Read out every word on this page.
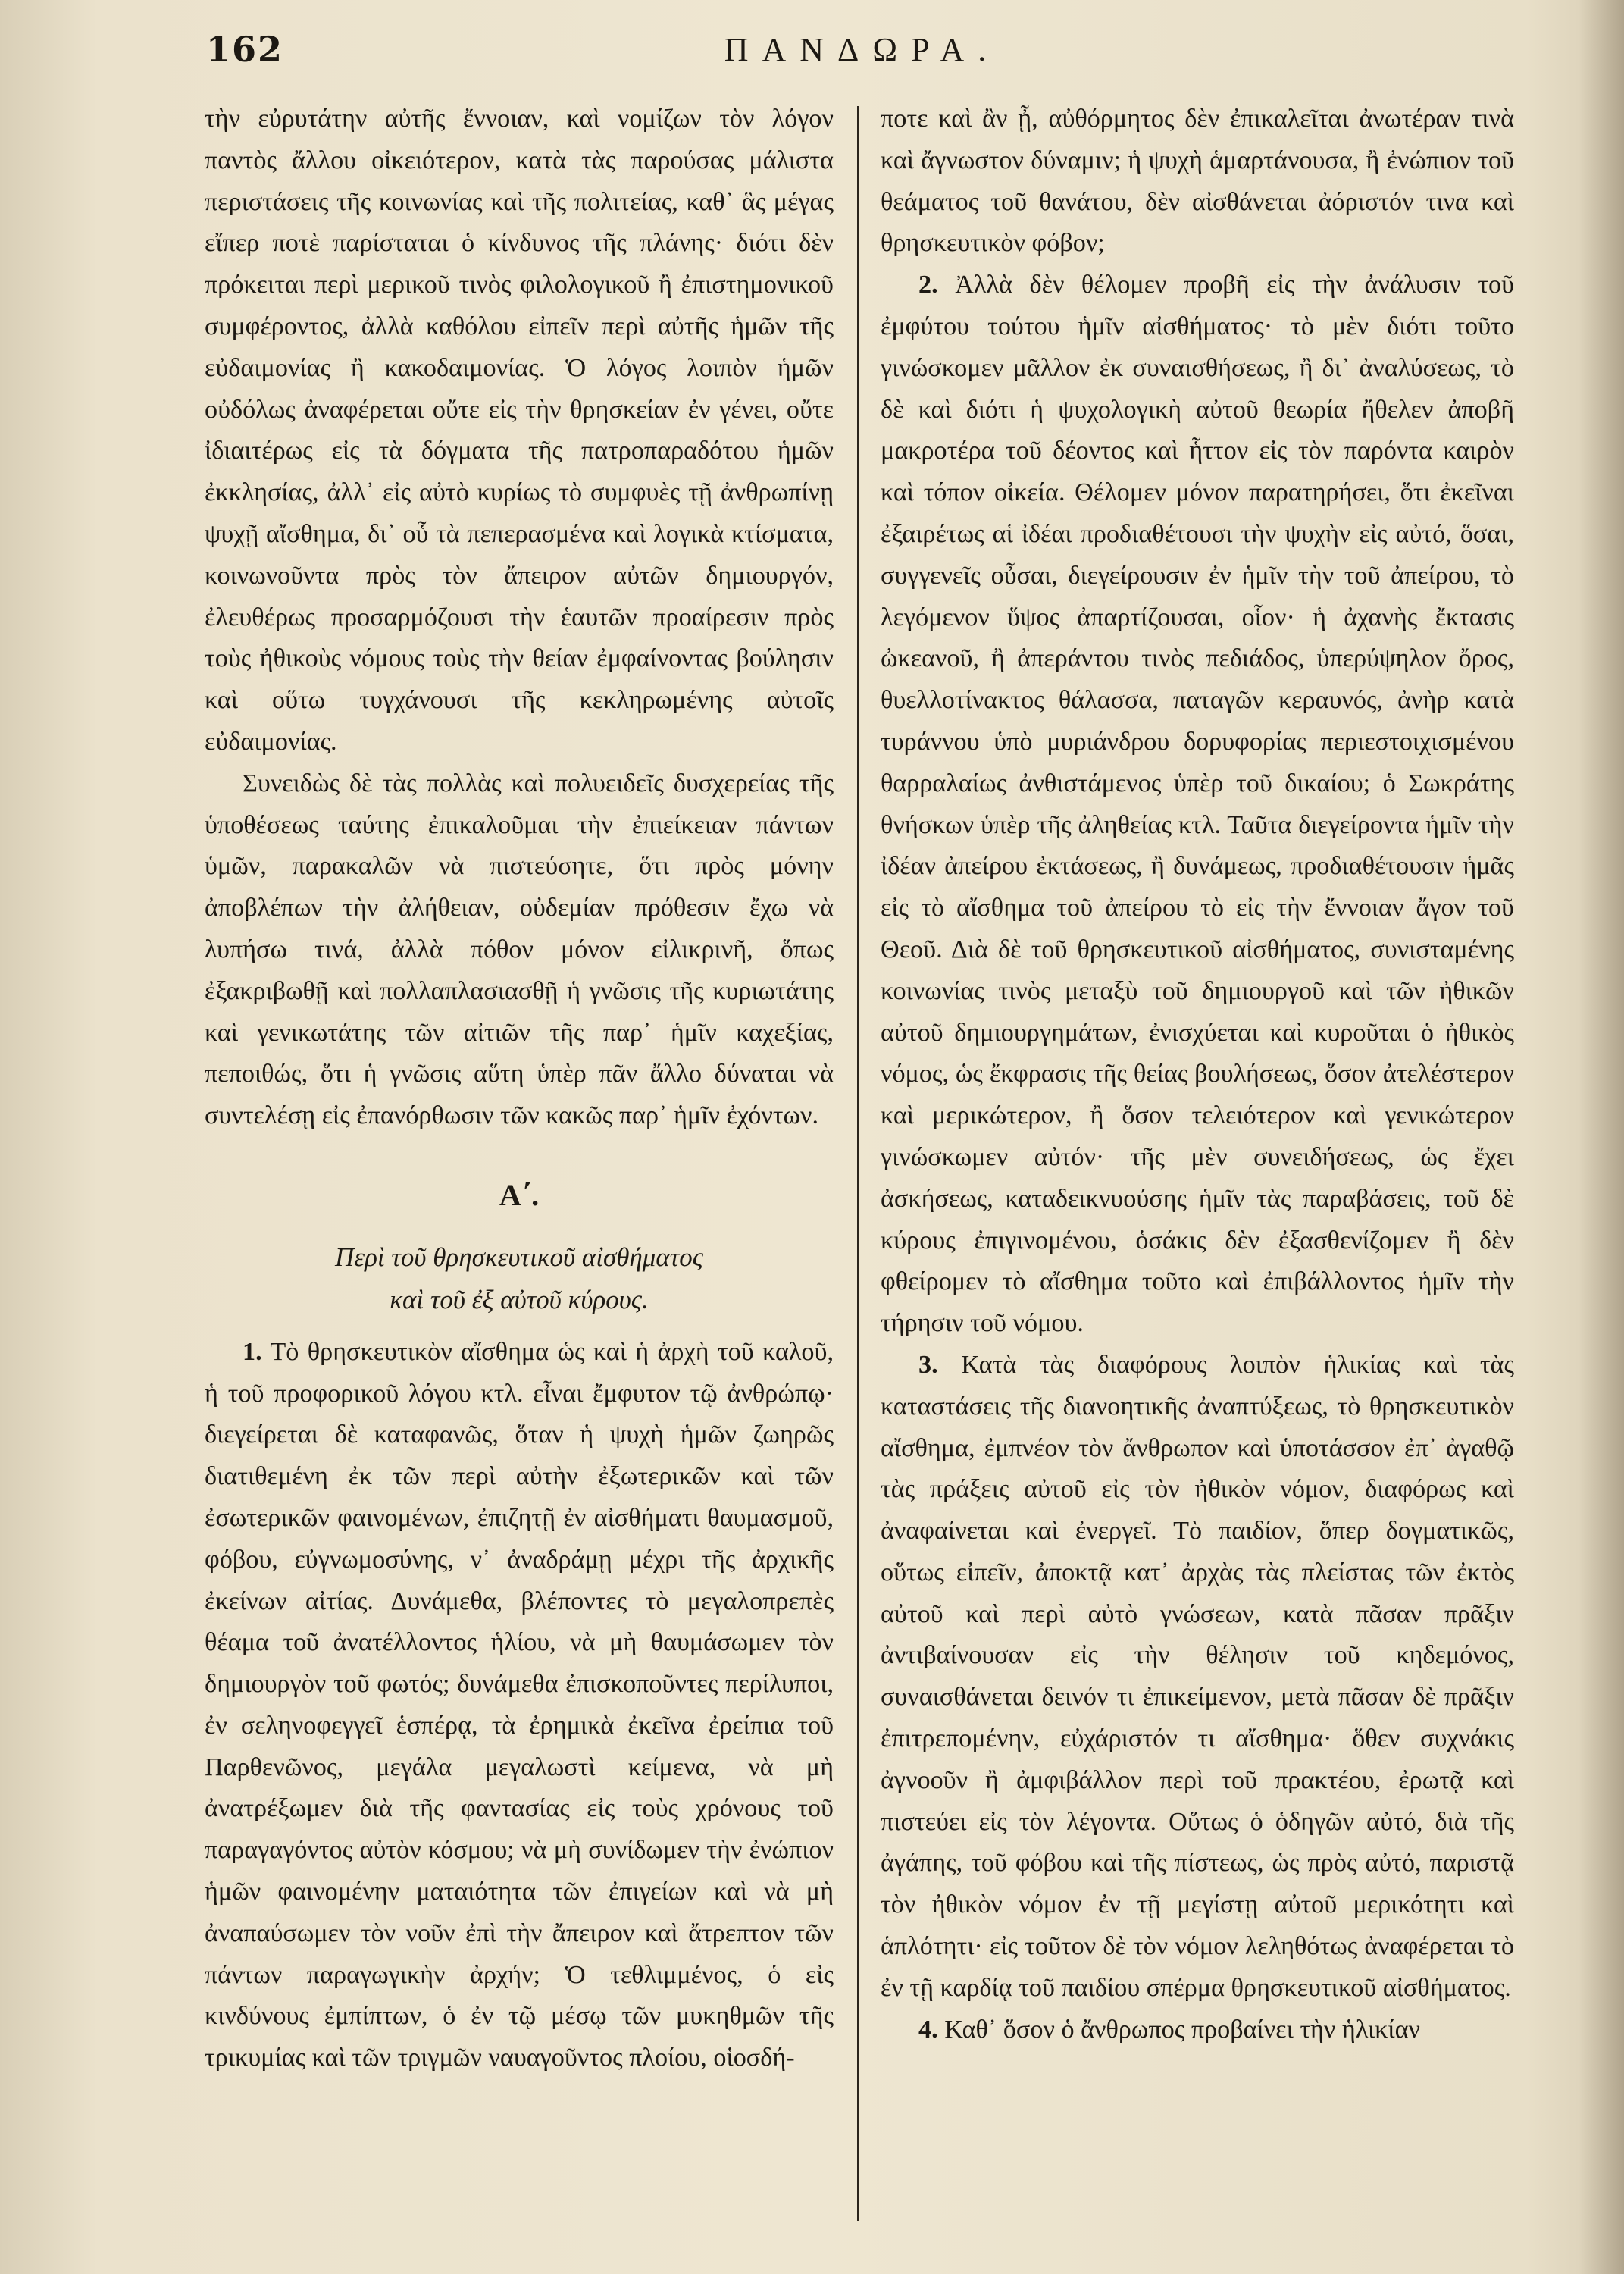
162	ΠΑΝΔΩΡΑ.

τὴν εὐρυτάτην αὐτῆς ἔννοιαν, καὶ νομίζων τὸν λόγον παντὸς ἄλλου οἰκειότερον, κατὰ τὰς παρούσας μάλιστα περιστάσεις τῆς κοινωνίας καὶ τῆς πολιτείας, καθ᾽ ἃς μέγας εἴπερ ποτὲ παρίσταται ὁ κίνδυνος τῆς πλάνης· διότι δὲν πρόκειται περὶ μερικοῦ τινὸς φιλολογικοῦ ἢ ἐπιστημονικοῦ συμφέροντος, ἀλλὰ καθόλου εἰπεῖν περὶ αὐτῆς ἡμῶν τῆς εὐδαιμονίας ἢ κακοδαιμονίας. Ὁ λόγος λοιπὸν ἡμῶν οὐδόλως ἀναφέρεται οὔτε εἰς τὴν θρησκείαν ἐν γένει, οὔτε ἰδιαιτέρως εἰς τὰ δόγματα τῆς πατροπαραδότου ἡμῶν ἐκκλησίας, ἀλλ᾽ εἰς αὐτὸ κυρίως τὸ συμφυὲς τῇ ἀνθρωπίνῃ ψυχῇ αἴσθημα, δι᾽ οὗ τὰ πεπερασμένα καὶ λογικὰ κτίσματα, κοινωνοῦντα πρὸς τὸν ἄπειρον αὐτῶν δημιουργόν, ἐλευθέρως προσαρμόζουσι τὴν ἑαυτῶν προαίρεσιν πρὸς τοὺς ἠθικοὺς νόμους τοὺς τὴν θείαν ἐμφαίνοντας βούλησιν καὶ οὕτω τυγχάνουσι τῆς κεκληρωμένης αὐτοῖς εὐδαιμονίας.

Συνειδὼς δὲ τὰς πολλὰς καὶ πολυειδεῖς δυσχερείας τῆς ὑποθέσεως ταύτης ἐπικαλοῦμαι τὴν ἐπιείκειαν πάντων ὑμῶν, παρακαλῶν νὰ πιστεύσητε, ὅτι πρὸς μόνην ἀποβλέπων τὴν ἀλήθειαν, οὐδεμίαν πρόθεσιν ἔχω νὰ λυπήσω τινά, ἀλλὰ πόθον μόνον εἰλικρινῆ, ὅπως ἐξακριβωθῇ καὶ πολλαπλασιασθῇ ἡ γνῶσις τῆς κυριωτάτης καὶ γενικωτάτης τῶν αἰτιῶν τῆς παρ᾽ ἡμῖν καχεξίας, πεποιθώς, ὅτι ἡ γνῶσις αὕτη ὑπὲρ πᾶν ἄλλο δύναται νὰ συντελέσῃ εἰς ἐπανόρθωσιν τῶν κακῶς παρ᾽ ἡμῖν ἐχόντων.

Α΄.
Περὶ τοῦ θρησκευτικοῦ αἰσθήματος
καὶ τοῦ ἐξ αὐτοῦ κύρους.

1. Τὸ θρησκευτικὸν αἴσθημα ὡς καὶ ἡ ἀρχὴ τοῦ καλοῦ, ἡ τοῦ προφορικοῦ λόγου κτλ. εἶναι ἔμφυτον τῷ ἀνθρώπῳ· διεγείρεται δὲ καταφανῶς, ὅταν ἡ ψυχὴ ἡμῶν ζωηρῶς διατιθεμένη ἐκ τῶν περὶ αὐτὴν ἐξωτερικῶν καὶ τῶν ἐσωτερικῶν φαινομένων, ἐπιζητῇ ἐν αἰσθήματι θαυμασμοῦ, φόβου, εὐγνωμοσύνης, ν᾽ ἀναδράμῃ μέχρι τῆς ἀρχικῆς ἐκείνων αἰτίας. Δυνάμεθα, βλέποντες τὸ μεγαλοπρεπὲς θέαμα τοῦ ἀνατέλλοντος ἡλίου, νὰ μὴ θαυμάσωμεν τὸν δημιουργὸν τοῦ φωτός; δυνάμεθα ἐπισκοποῦντες περίλυποι, ἐν σεληνοφεγγεῖ ἑσπέρᾳ, τὰ ἐρημικὰ ἐκεῖνα ἐρείπια τοῦ Παρθενῶνος, μεγάλα μεγαλωστὶ κείμενα, νὰ μὴ ἀνατρέξωμεν διὰ τῆς φαντασίας εἰς τοὺς χρόνους τοῦ παραγαγόντος αὐτὸν κόσμου; νὰ μὴ συνίδωμεν τὴν ἐνώπιον ἡμῶν φαινομένην ματαιότητα τῶν ἐπιγείων καὶ νὰ μὴ ἀναπαύσωμεν τὸν νοῦν ἐπὶ τὴν ἄπειρον καὶ ἄτρεπτον τῶν πάντων παραγωγικὴν ἀρχήν; Ὁ τεθλιμμένος, ὁ εἰς κινδύνους ἐμπίπτων, ὁ ἐν τῷ μέσῳ τῶν μυκηθμῶν τῆς τρικυμίας καὶ τῶν τριγμῶν ναυαγοῦντος πλοίου, οἱοσδή-

ποτε καὶ ἂν ᾖ, αὐθόρμητος δὲν ἐπικαλεῖται ἀνωτέραν τινὰ καὶ ἄγνωστον δύναμιν; ἡ ψυχὴ ἁμαρτάνουσα, ἢ ἐνώπιον τοῦ θεάματος τοῦ θανάτου, δὲν αἰσθάνεται ἀόριστόν τινα καὶ θρησκευτικὸν φόβον;

2. Ἀλλὰ δὲν θέλομεν προβῆ εἰς τὴν ἀνάλυσιν τοῦ ἐμφύτου τούτου ἡμῖν αἰσθήματος· τὸ μὲν διότι τοῦτο γινώσκομεν μᾶλλον ἐκ συναισθήσεως, ἢ δι᾽ ἀναλύσεως, τὸ δὲ καὶ διότι ἡ ψυχολογικὴ αὐτοῦ θεωρία ἤθελεν ἀποβῆ μακροτέρα τοῦ δέοντος καὶ ἧττον εἰς τὸν παρόντα καιρὸν καὶ τόπον οἰκεία. Θέλομεν μόνον παρατηρήσει, ὅτι ἐκεῖναι ἐξαιρέτως αἱ ἰδέαι προδιαθέτουσι τὴν ψυχὴν εἰς αὐτό, ὅσαι, συγγενεῖς οὖσαι, διεγείρουσιν ἐν ἡμῖν τὴν τοῦ ἀπείρου, τὸ λεγόμενον ὕψος ἀπαρτίζουσαι, οἷον· ἡ ἀχανὴς ἔκτασις ὠκεανοῦ, ἢ ἀπεράντου τινὸς πεδιάδος, ὑπερύψηλον ὄρος, θυελλοτίνακτος θάλασσα, παταγῶν κεραυνός, ἀνὴρ κατὰ τυράννου ὑπὸ μυριάνδρου δορυφορίας περιεστοιχισμένου θαρραλαίως ἀνθιστάμενος ὑπὲρ τοῦ δικαίου; ὁ Σωκράτης θνήσκων ὑπὲρ τῆς ἀληθείας κτλ. Ταῦτα διεγείροντα ἡμῖν τὴν ἰδέαν ἀπείρου ἐκτάσεως, ἢ δυνάμεως, προδιαθέτουσιν ἡμᾶς εἰς τὸ αἴσθημα τοῦ ἀπείρου τὸ εἰς τὴν ἔννοιαν ἄγον τοῦ Θεοῦ. Διὰ δὲ τοῦ θρησκευτικοῦ αἰσθήματος, συνισταμένης κοινωνίας τινὸς μεταξὺ τοῦ δημιουργοῦ καὶ τῶν ἠθικῶν αὐτοῦ δημιουργημάτων, ἐνισχύεται καὶ κυροῦται ὁ ἠθικὸς νόμος, ὡς ἔκφρασις τῆς θείας βουλήσεως, ὅσον ἀτελέστερον καὶ μερικώτερον, ἢ ὅσον τελειότερον καὶ γενικώτερον γινώσκωμεν αὐτόν· τῆς μὲν συνειδήσεως, ὡς ἔχει ἀσκήσεως, καταδεικνυούσης ἡμῖν τὰς παραβάσεις, τοῦ δὲ κύρους ἐπιγινομένου, ὁσάκις δὲν ἐξασθενίζομεν ἢ δὲν φθείρομεν τὸ αἴσθημα τοῦτο καὶ ἐπιβάλλοντος ἡμῖν τὴν τήρησιν τοῦ νόμου.

3. Κατὰ τὰς διαφόρους λοιπὸν ἡλικίας καὶ τὰς καταστάσεις τῆς διανοητικῆς ἀναπτύξεως, τὸ θρησκευτικὸν αἴσθημα, ἐμπνέον τὸν ἄνθρωπον καὶ ὑποτάσσον ἐπ᾽ ἀγαθῷ τὰς πράξεις αὐτοῦ εἰς τὸν ἠθικὸν νόμον, διαφόρως καὶ ἀναφαίνεται καὶ ἐνεργεῖ. Τὸ παιδίον, ὅπερ δογματικῶς, οὕτως εἰπεῖν, ἀποκτᾷ κατ᾽ ἀρχὰς τὰς πλείστας τῶν ἐκτὸς αὐτοῦ καὶ περὶ αὐτὸ γνώσεων, κατὰ πᾶσαν πρᾶξιν ἀντιβαίνουσαν εἰς τὴν θέλησιν τοῦ κηδεμόνος, συναισθάνεται δεινόν τι ἐπικείμενον, μετὰ πᾶσαν δὲ πρᾶξιν ἐπιτρεπομένην, εὐχάριστόν τι αἴσθημα· ὅθεν συχνάκις ἀγνοοῦν ἢ ἀμφιβάλλον περὶ τοῦ πρακτέου, ἐρωτᾷ καὶ πιστεύει εἰς τὸν λέγοντα. Οὕτως ὁ ὁδηγῶν αὐτό, διὰ τῆς ἀγάπης, τοῦ φόβου καὶ τῆς πίστεως, ὡς πρὸς αὐτό, παριστᾷ τὸν ἠθικὸν νόμον ἐν τῇ μεγίστῃ αὐτοῦ μερικότητι καὶ ἁπλότητι· εἰς τοῦτον δὲ τὸν νόμον λεληθότως ἀναφέρεται τὸ ἐν τῇ καρδίᾳ τοῦ παιδίου σπέρμα θρησκευτικοῦ αἰσθήματος.

4. Καθ᾽ ὅσον ὁ ἄνθρωπος προβαίνει τὴν ἡλικίαν
